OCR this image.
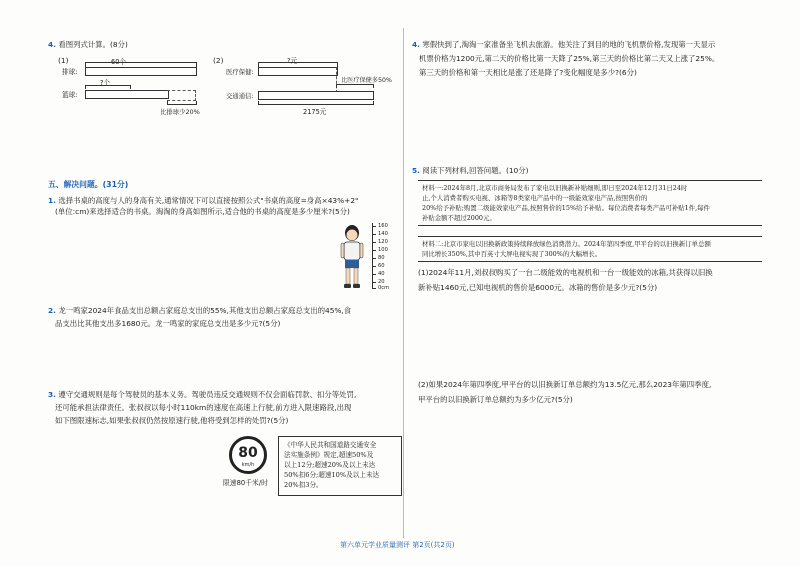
4. 看图列式计算。(8分)
(1)	60个
排球:
?个
篮球:
比排球少20%
(2)	?元
医疗保健:
比医疗保健多50%
交通通信:
2175元
五、解决问题。(31分)
1. 选择书桌的高度与人的身高有关,通常情况下可以直接按照公式"书桌的高度=身高×43%+2"
(单位:cm)来选择适合的书桌。淘淘的身高如图所示,适合他的书桌的高度是多少厘米?(5分)
160
140
120
100
80
60
40
20
0cm
2. 龙一鸣家2024年食品支出总额占家庭总支出的55%,其他支出总额占家庭总支出的45%,食
品支出比其他支出多1680元。龙一鸣家的家庭总支出是多少元?(5分)
3. 遵守交通规则是每个驾驶员的基本义务。驾驶员违反交通规则不仅会面临罚款、扣分等处罚,
还可能承担法律责任。张叔叔以每小时110km的速度在高速上行驶,前方进入限速路段,出现
如下图限速标志,如果张叔叔仍然按原速行驶,他将受到怎样的处罚?(5分)
80
km/h
限速80千米/时
《中华人民共和国道路交通安全
法实施条例》规定,超速50%及
以上12分;超速20%及以上未达
50%扣6分;超速10%及以上未达
20%扣3分。
4. 寒假快到了,淘淘一家准备坐飞机去旅游。他关注了到目的地的飞机票价格,发现第一天显示
机票价格为1200元,第二天的价格比第一天降了25%,第三天的价格比第二天又上涨了25%。
第三天的价格和第一天相比是涨了还是降了?变化幅度是多少?(6分)
5. 阅读下列材料,回答问题。(10分)
材料一:2024年8月,北京市商务局发布了家电以旧换新补贴细则,即日至2024年12月31日24时
止,个人消费者购买电视、冰箱等8类家电产品中的一级能效家电产品,按照售价的
20%给予补贴;购置二级能效家电产品,按照售价的15%给予补贴。每位消费者每类产品可补贴1件,每件
补贴金额不超过2000元。
材料二:北京市家电以旧换新政策持续释放绿色消费潜力。2024年第四季度,甲平台的以旧换新订单总额
同比增长350%,其中百英寸大屏电视实现了300%的大幅增长。
(1)2024年11月,刘叔叔购买了一台二级能效的电视机和一台一级能效的冰箱,共获得以旧换
新补贴1460元,已知电视机的售价是6000元。冰箱的售价是多少元?(5分)
(2)如果2024年第四季度,甲平台的以旧换新订单总额约为13.5亿元,那么2023年第四季度,
甲平台的以旧换新订单总额约为多少亿元?(5分)
第六单元学业质量测评 第2页(共2页)
